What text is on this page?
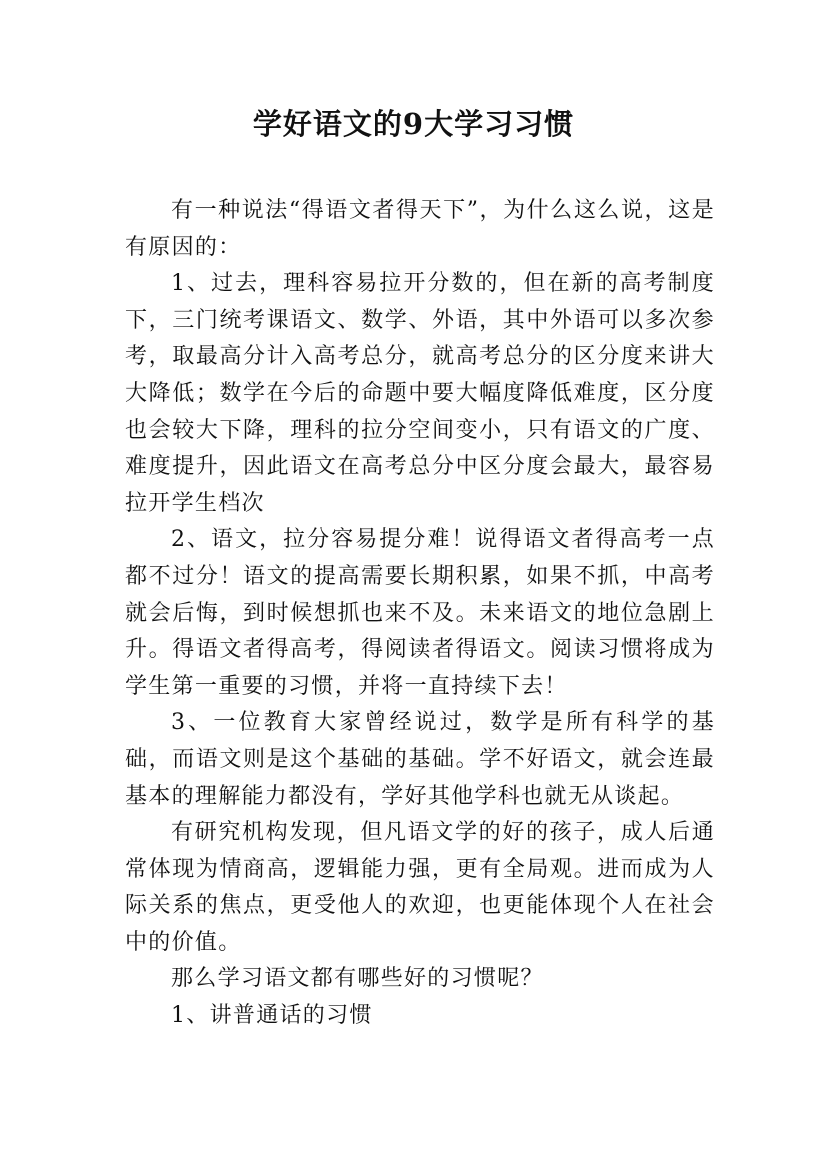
学好语文的9大学习习惯

有一种说法“得语文者得天下”，为什么这么说，这是有原因的：

1、过去，理科容易拉开分数的，但在新的高考制度下，三门统考课语文、数学、外语，其中外语可以多次参考，取最高分计入高考总分，就高考总分的区分度来讲大大降低；数学在今后的命题中要大幅度降低难度，区分度也会较大下降，理科的拉分空间变小，只有语文的广度、难度提升，因此语文在高考总分中区分度会最大，最容易拉开学生档次

2、语文，拉分容易提分难！说得语文者得高考一点都不过分！语文的提高需要长期积累，如果不抓，中高考就会后悔，到时候想抓也来不及。未来语文的地位急剧上升。得语文者得高考，得阅读者得语文。阅读习惯将成为学生第一重要的习惯，并将一直持续下去！

3、一位教育大家曾经说过，数学是所有科学的基础，而语文则是这个基础的基础。学不好语文，就会连最基本的理解能力都没有，学好其他学科也就无从谈起。

有研究机构发现，但凡语文学的好的孩子，成人后通常体现为情商高，逻辑能力强，更有全局观。进而成为人际关系的焦点，更受他人的欢迎，也更能体现个人在社会中的价值。

那么学习语文都有哪些好的习惯呢？

1、讲普通话的习惯
